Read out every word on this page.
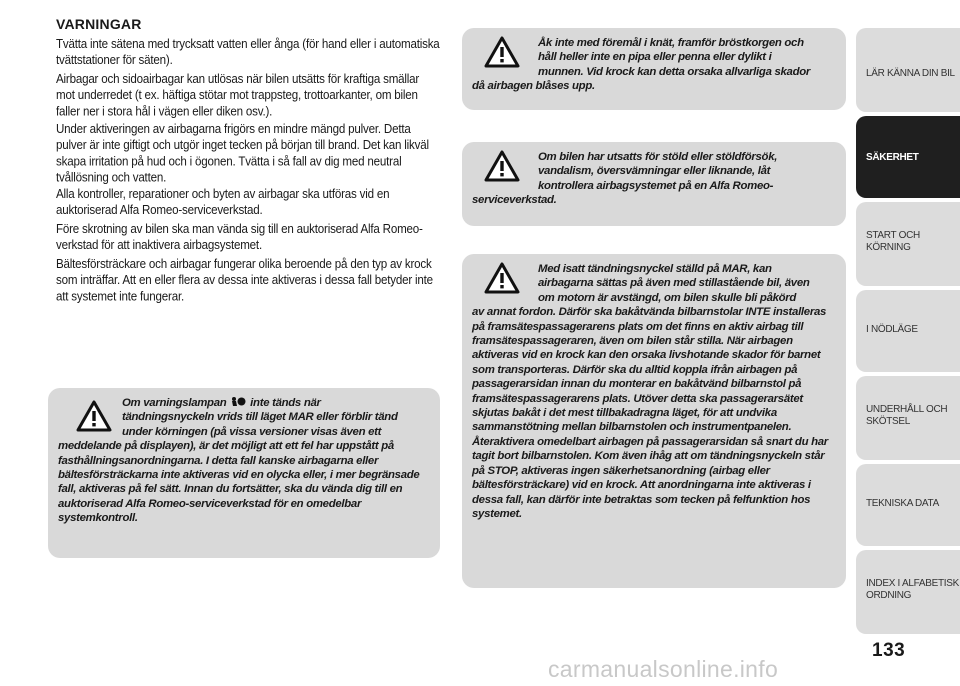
VARNINGAR

Tvätta inte sätena med trycksatt vatten eller ånga (för hand eller i automatiska tvättstationer för säten).

Airbagar och sidoairbagar kan utlösas när bilen utsätts för kraftiga smällar mot underredet (t ex. häftiga stötar mot trappsteg, trottoarkanter, om bilen faller ner i stora hål i vägen eller diken osv.).

Under aktiveringen av airbagarna frigörs en mindre mängd pulver. Detta pulver är inte giftigt och utgör inget tecken på början till brand. Det kan likväl skapa irritation på hud och i ögonen. Tvätta i så fall av dig med neutral tvållösning och vatten.

Alla kontroller, reparationer och byten av airbagar ska utföras vid en auktoriserad Alfa Romeo-serviceverkstad.

Före skrotning av bilen ska man vända sig till en auktoriserad Alfa Romeo-verkstad för att inaktivera airbagsystemet.

Bältesförsträckare och airbagar fungerar olika beroende på den typ av krock som inträffar. Att en eller flera av dessa inte aktiveras i dessa fall betyder inte att systemet inte fungerar.

Om varningslampan inte tänds när
tändningsnyckeln vrids till läget MAR eller förblir tänd
under körningen (på vissa versioner visas även ett
meddelande på displayen), är det möjligt att ett fel har uppstått på fasthållningsanordningarna. I detta fall kanske airbagarna eller bältesförsträckarna inte aktiveras vid en olycka eller, i mer begränsade fall, aktiveras på fel sätt. Innan du fortsätter, ska du vända dig till en auktoriserad Alfa Romeo-serviceverkstad för en omedelbar systemkontroll.
Åk inte med föremål i knät, framför bröstkorgen och
håll heller inte en pipa eller penna eller dylikt i
munnen. Vid krock kan detta orsaka allvarliga skador
då airbagen blåses upp.
Om bilen har utsatts för stöld eller stöldförsök,
vandalism, översvämningar eller liknande, låt
kontrollera airbagsystemet på en Alfa Romeo-
serviceverkstad.
Med isatt tändningsnyckel ställd på MAR, kan
airbagarna sättas på även med stillastående bil, även
om motorn är avstängd, om bilen skulle bli påkörd
av annat fordon. Därför ska bakåtvända bilbarnstolar INTE installeras på framsätespassagerarens plats om det finns en aktiv airbag till framsätespassageraren, även om bilen står stilla. När airbagen aktiveras vid en krock kan den orsaka livshotande skador för barnet som transporteras. Därför ska du alltid koppla ifrån airbagen på passagerarsidan innan du monterar en bakåtvänd bilbarnstol på framsätespassagerarens plats. Utöver detta ska passagerarsätet skjutas bakåt i det mest tillbakadragna läget, för att undvika sammanstötning mellan bilbarnstolen och instrumentpanelen. Återaktivera omedelbart airbagen på passagerarsidan så snart du har tagit bort bilbarnstolen. Kom även ihåg att om tändningsnyckeln står på STOP, aktiveras ingen säkerhetsanordning (airbag eller bältesförsträckare) vid en krock. Att anordningarna inte aktiveras i dessa fall, kan därför inte betraktas som tecken på felfunktion hos systemet.
LÄR KÄNNA DIN BIL
SÄKERHET
START OCH
KÖRNING
I NÖDLÄGE
UNDERHÅLL OCH
SKÖTSEL
TEKNISKA DATA
INDEX I ALFABETISK
ORDNING
133
carmanualsonline.info
